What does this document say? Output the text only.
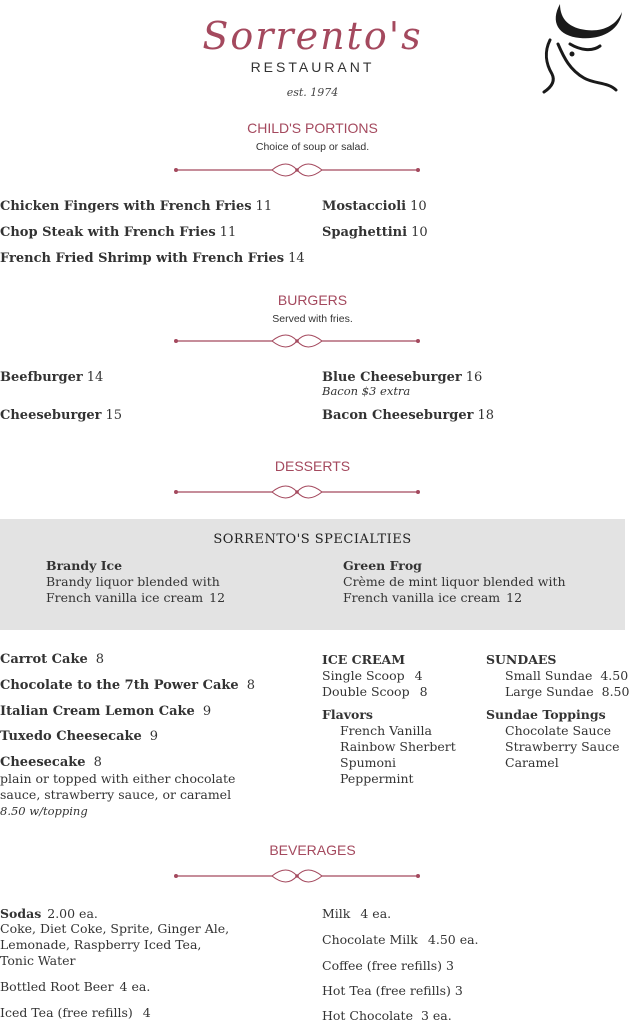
Sorrento's
RESTAURANT
est. 1974
CHILD'S PORTIONS
Choice of soup or salad.
Chicken Fingers with French Fries 11
Chop Steak with French Fries 11
French Fried Shrimp with French Fries 14
Mostaccioli 10
Spaghettini 10
BURGERS
Served with fries.
Beefburger 14
Cheeseburger 15
Blue Cheeseburger 16
Bacon $3 extra
Bacon Cheeseburger 18
DESSERTS
SORRENTO'S SPECIALTIES
Brandy Ice
Brandy liquor blended with
French vanilla ice cream 12
Green Frog
Crème de mint liquor blended with
French vanilla ice cream 12
Carrot Cake 8
Chocolate to the 7th Power Cake 8
Italian Cream Lemon Cake 9
Tuxedo Cheesecake 9
Cheesecake 8
plain or topped with either chocolate
sauce, strawberry sauce, or caramel
8.50 w/topping
ICE CREAM
Single Scoop 4
Double Scoop 8
Flavors
French Vanilla
Rainbow Sherbert
Spumoni
Peppermint
SUNDAES
Small Sundae 4.50
Large Sundae 8.50
Sundae Toppings
Chocolate Sauce
Strawberry Sauce
Caramel
BEVERAGES
Sodas 2.00 ea.
Coke, Diet Coke, Sprite, Ginger Ale,
Lemonade, Raspberry Iced Tea,
Tonic Water
Bottled Root Beer 4 ea.
Iced Tea (free refills) 4
Milk 4 ea.
Chocolate Milk 4.50 ea.
Coffee (free refills) 3
Hot Tea (free refills) 3
Hot Chocolate 3 ea.
